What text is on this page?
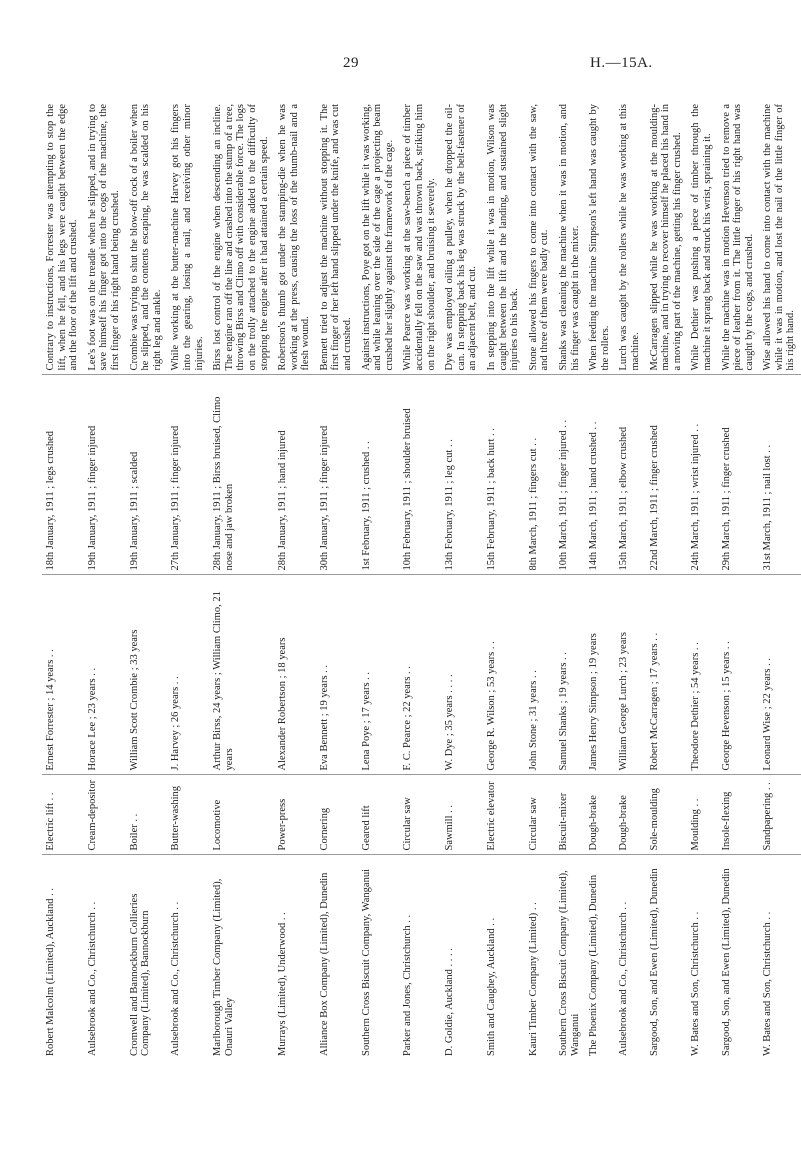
29	H.—15A.
Robert Malcolm (Limited), Auckland . .	Electric lift . .	Ernest Forrester ; 14 years . .	18th January, 1911 ; legs crushed	Contrary to instructions, Forrester was attempting to stop the lift, when he fell, and his legs were caught between the edge and the floor of the lift and crushed.
Aulsebrook and Co., Christchurch . .	Cream-depositor	Horace Lee ; 23 years . .	19th January, 1911 ; finger injured	Lee's foot was on the treadle when he slipped, and in trying to save himself his finger got into the cogs of the machine, the first finger of his right hand being crushed.
Cromwell and Bannockburn Collieries Company (Limited), Bannockburn	Boiler . .	William Scott Crombie ; 33 years	19th January, 1911 ; scalded	Crombie was trying to shut the blow-off cock of a boiler when he slipped, and the contents escaping, he was scalded on his right leg and ankle.
Aulsebrook and Co., Christchurch . .	Butter-washing	J. Harvey ; 26 years . .	27th January, 1911 ; finger injured	While working at the butter-machine Harvey got his fingers into the gearing, losing a nail, and receiving other minor injuries.
Marlborough Timber Company (Limited), Onauri Valley	Locomotive	Arthur Birss, 24 years ; William Climo, 21 years	28th January, 1911 ; Birss bruised, Climo nose and jaw broken	Birss lost control of the engine when descending an incline. The engine ran off the line and crashed into the stump of a tree, throwing Birss and Climo off with considerable force. The logs on the trolly attached to the engine added to the difficulty of stopping the engine after it had attained a certain speed.
Murrays (Limited), Underwood . .	Power-press	Alexander Robertson ; 18 years	28th January, 1911 ; hand injured	Robertson's thumb got under the stamping-die when he was working at the press, causing the loss of the thumb-nail and a flesh wound.
Alliance Box Company (Limited), Dunedin	Cornering	Eva Bennett ; 19 years . .	30th January, 1911 ; finger injured	Bennett tried to adjust the machine without stopping it. The first finger of her left hand slipped under the knife, and was cut and crushed.
Southern Cross Biscuit Company, Wanganui	Geared lift	Lena Poye ; 17 years . .	1st February, 1911 ; crushed . .	Against instructions, Poye got on the lift while it was working, and while leaning over the side of the cage a projecting beam crushed her slightly against the framework of the cage.
Parker and Jones, Christchurch . .	Circular saw	F. C. Pearce ; 22 years . .	10th February, 1911 ; shoulder bruised	While Pearce was working at the saw-bench a piece of timber accidentally fell on the saw and was thrown back, striking him on the right shoulder, and bruising it severely.
D. Goldie, Auckland . . . .	Sawmill . .	W. Dye ; 35 years . . . .	13th February, 1911 ; leg cut . .	Dye was employed oiling a pulley, when he dropped the oil-can. In stepping back his leg was struck by the belt-fastener of an adjacent belt, and cut.
Smith and Caughey, Auckland . .	Electric elevator	George R. Wilson ; 53 years . .	15th February, 1911 ; back hurt . .	In stepping into the lift while it was in motion, Wilson was caught between the lift and the landing, and sustained slight injuries to his back.
Kauri Timber Company (Limited) . .	Circular saw	John Stone ; 31 years . .	8th March, 1911 ; fingers cut . .	Stone allowed his fingers to come into contact with the saw, and three of them were badly cut.
Southern Cross Biscuit Company (Limited), Wanganui	Biscuit-mixer	Samuel Shanks ; 19 years . .	10th March, 1911 ; finger injured . .	Shanks was cleaning the machine when it was in motion, and his finger was caught in the mixer.
The Phoenix Company (Limited), Dunedin	Dough-brake	James Henry Simpson ; 19 years	14th March, 1911 ; hand crushed . .	When feeding the machine Simpson's left hand was caught by the rollers.
Aulsebrook and Co., Christchurch . .	Dough-brake	William George Lurch ; 23 years	15th March, 1911 ; elbow crushed	Lurch was caught by the rollers while he was working at this machine.
Sargood, Son, and Ewen (Limited), Dunedin	Sole-moulding	Robert McCarragen ; 17 years . .	22nd March, 1911 ; finger crushed	McCarragen slipped while he was working at the moulding-machine, and in trying to recover himself he placed his hand in a moving part of the machine, getting his finger crushed.
W. Bates and Son, Christchurch . .	Moulding . .	Theodore Dethier ; 54 years . .	24th March, 1911 ; wrist injured . .	While Dethier was pushing a piece of timber through the machine it sprang back and struck his wrist, spraining it.
Sargood, Son, and Ewen (Limited), Dunedin	Insole-flexing	George Hevenson ; 15 years . .	29th March, 1911 ; finger crushed	While the machine was in motion Hevenson tried to remove a piece of leather from it. The little finger of his right hand was caught by the cogs, and crushed.
W. Bates and Son, Christchurch . .	Sandpapering . .	Leonard Wise ; 22 years . .	31st March, 1911 ; nail lost . .	Wise allowed his hand to come into contact with the machine while it was in motion, and lost the nail of the little finger of his right hand.
